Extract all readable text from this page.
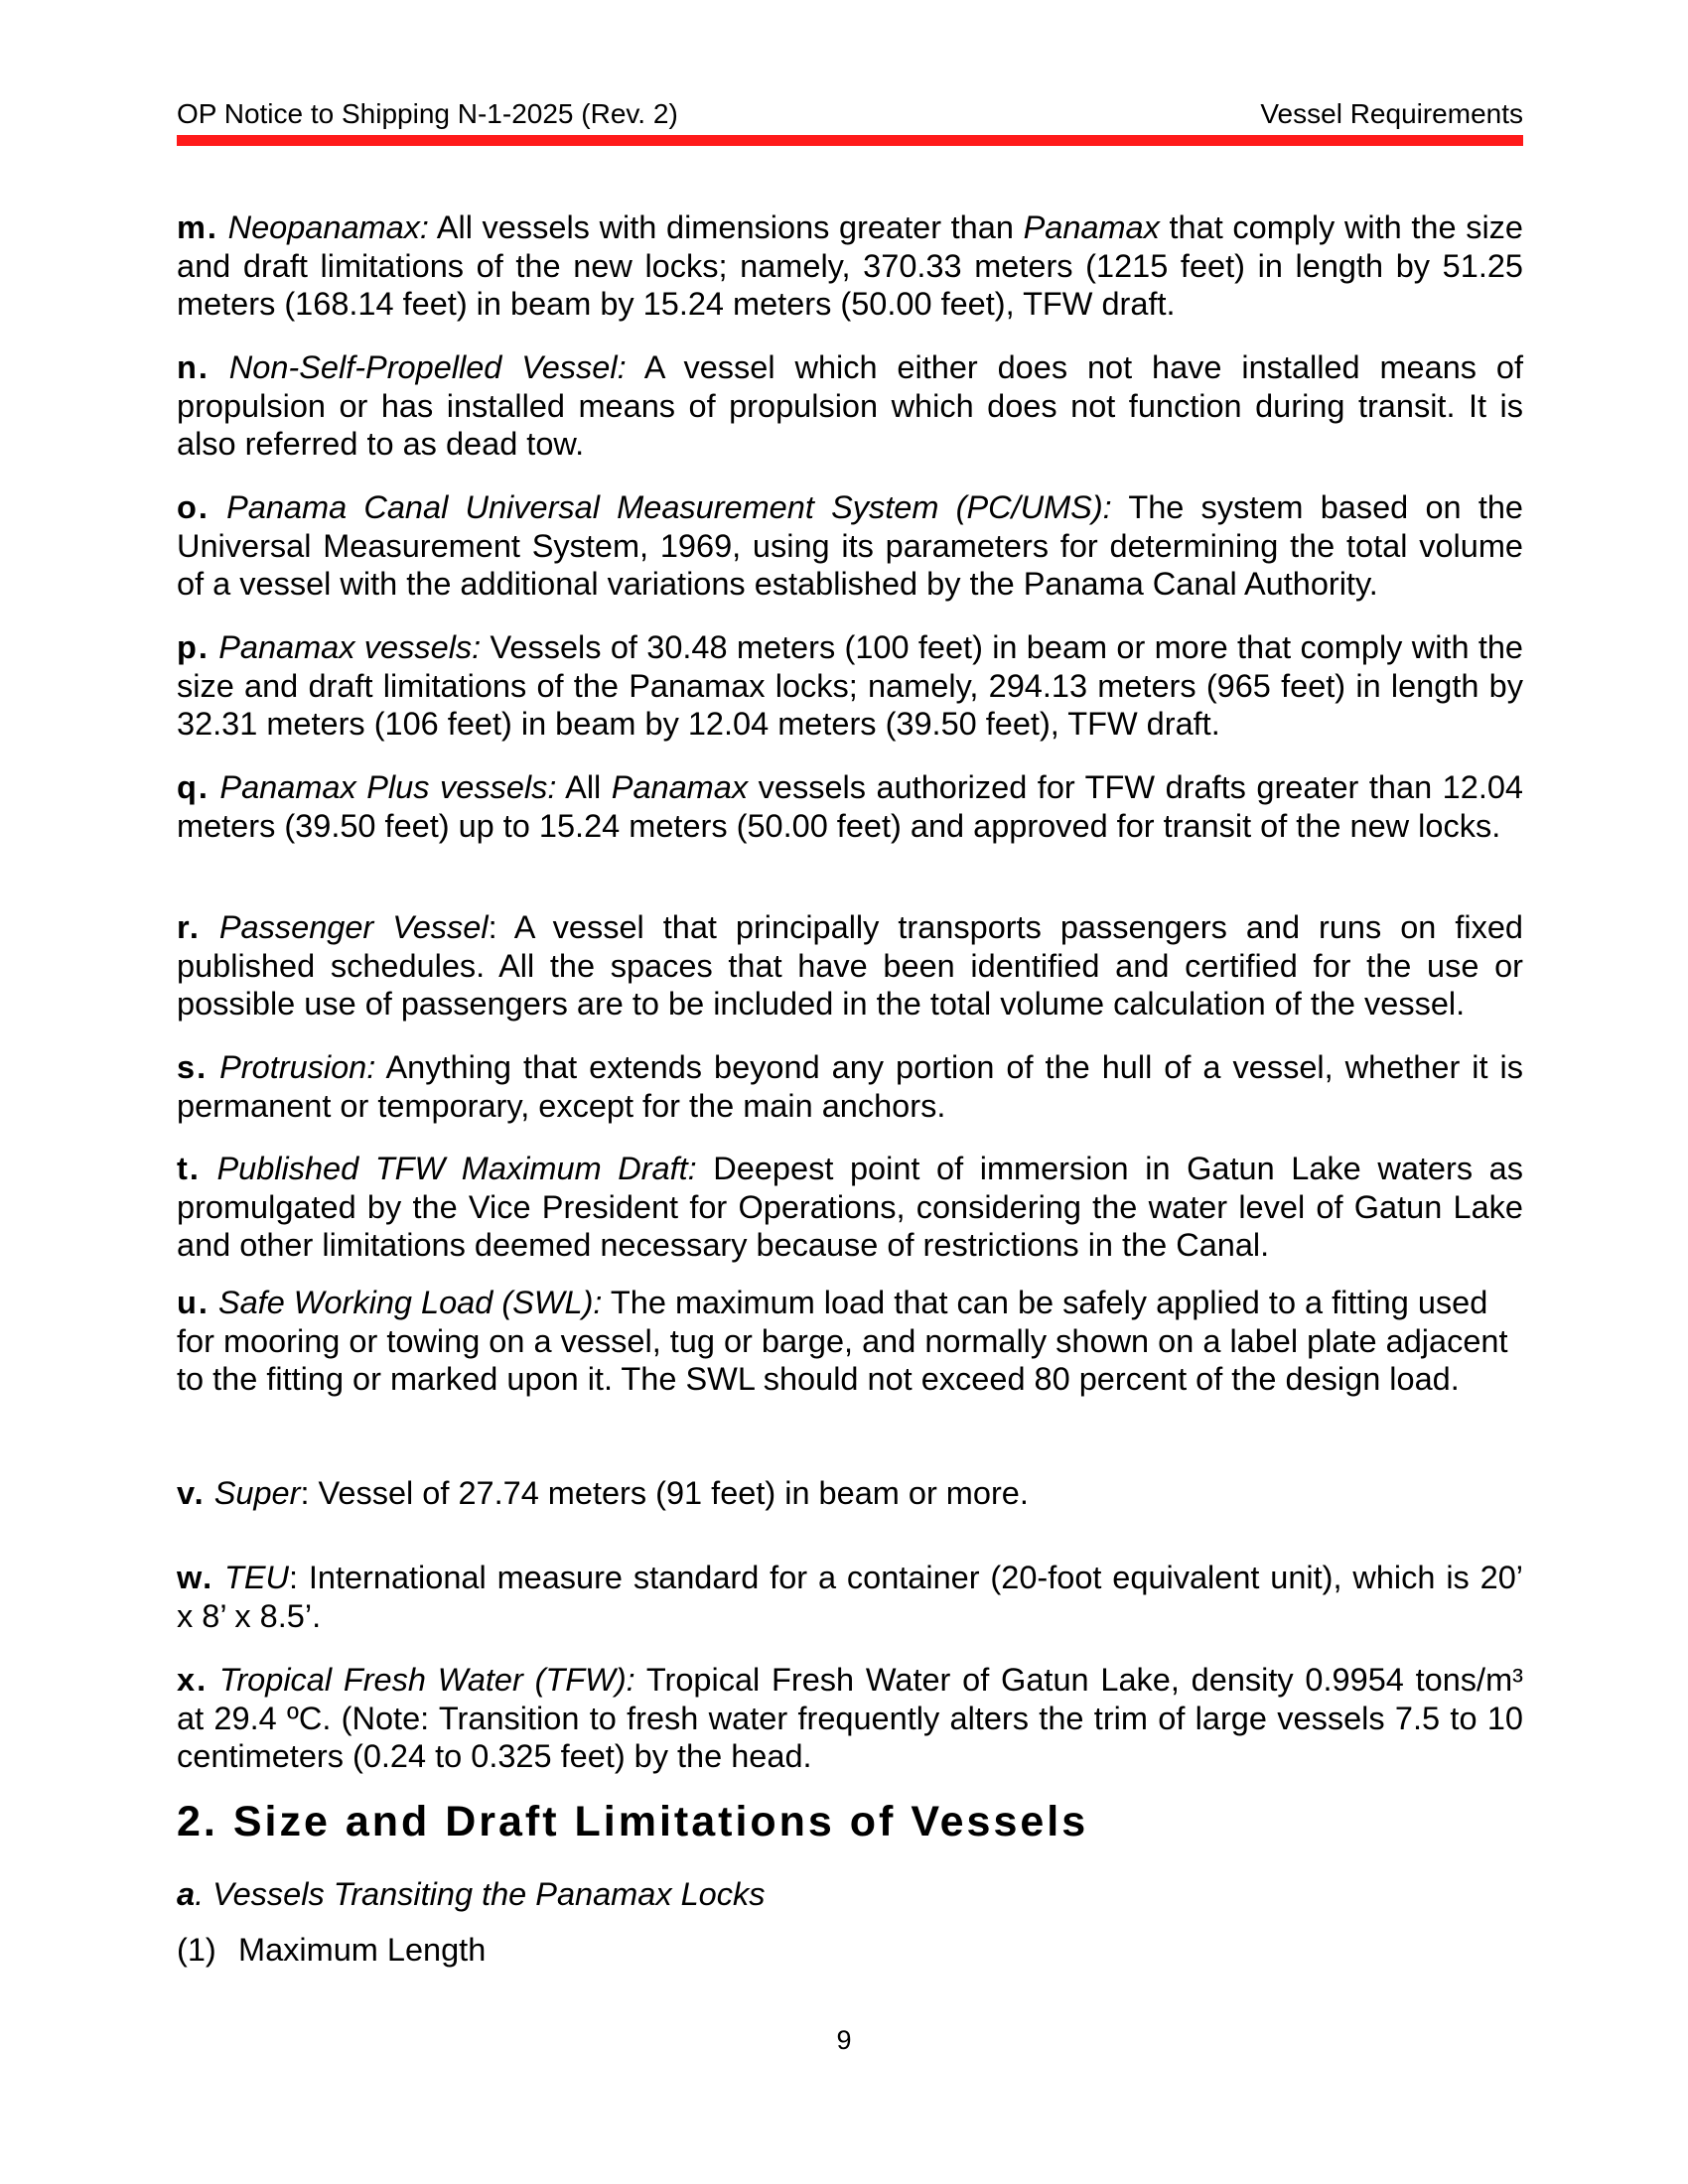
OP Notice to Shipping N-1-2025 (Rev. 2)	Vessel Requirements

m. Neopanamax: All vessels with dimensions greater than Panamax that comply with the size and draft limitations of the new locks; namely, 370.33 meters (1215 feet) in length by 51.25 meters (168.14 feet) in beam by 15.24 meters (50.00 feet), TFW draft.

n. Non-Self-Propelled Vessel: A vessel which either does not have installed means of propulsion or has installed means of propulsion which does not function during transit. It is also referred to as dead tow.

o. Panama Canal Universal Measurement System (PC/UMS): The system based on the Universal Measurement System, 1969, using its parameters for determining the total volume of a vessel with the additional variations established by the Panama Canal Authority.

p. Panamax vessels: Vessels of 30.48 meters (100 feet) in beam or more that comply with the size and draft limitations of the Panamax locks; namely, 294.13 meters (965 feet) in length by 32.31 meters (106 feet) in beam by 12.04 meters (39.50 feet), TFW draft.

q. Panamax Plus vessels: All Panamax vessels authorized for TFW drafts greater than 12.04 meters (39.50 feet) up to 15.24 meters (50.00 feet) and approved for transit of the new locks.

r. Passenger Vessel: A vessel that principally transports passengers and runs on fixed published schedules. All the spaces that have been identified and certified for the use or possible use of passengers are to be included in the total volume calculation of the vessel.

s. Protrusion: Anything that extends beyond any portion of the hull of a vessel, whether it is permanent or temporary, except for the main anchors.

t. Published TFW Maximum Draft: Deepest point of immersion in Gatun Lake waters as promulgated by the Vice President for Operations, considering the water level of Gatun Lake and other limitations deemed necessary because of restrictions in the Canal.

u. Safe Working Load (SWL): The maximum load that can be safely applied to a fitting used for mooring or towing on a vessel, tug or barge, and normally shown on a label plate adjacent to the fitting or marked upon it. The SWL should not exceed 80 percent of the design load.

v. Super: Vessel of 27.74 meters (91 feet) in beam or more.

w. TEU: International measure standard for a container (20-foot equivalent unit), which is 20’ x 8’ x 8.5’.

x. Tropical Fresh Water (TFW): Tropical Fresh Water of Gatun Lake, density 0.9954 tons/m³ at 29.4 ºC. (Note: Transition to fresh water frequently alters the trim of large vessels 7.5 to 10 centimeters (0.24 to 0.325 feet) by the head.

2. Size and Draft Limitations of Vessels

a. Vessels Transiting the Panamax Locks

(1) Maximum Length

9
